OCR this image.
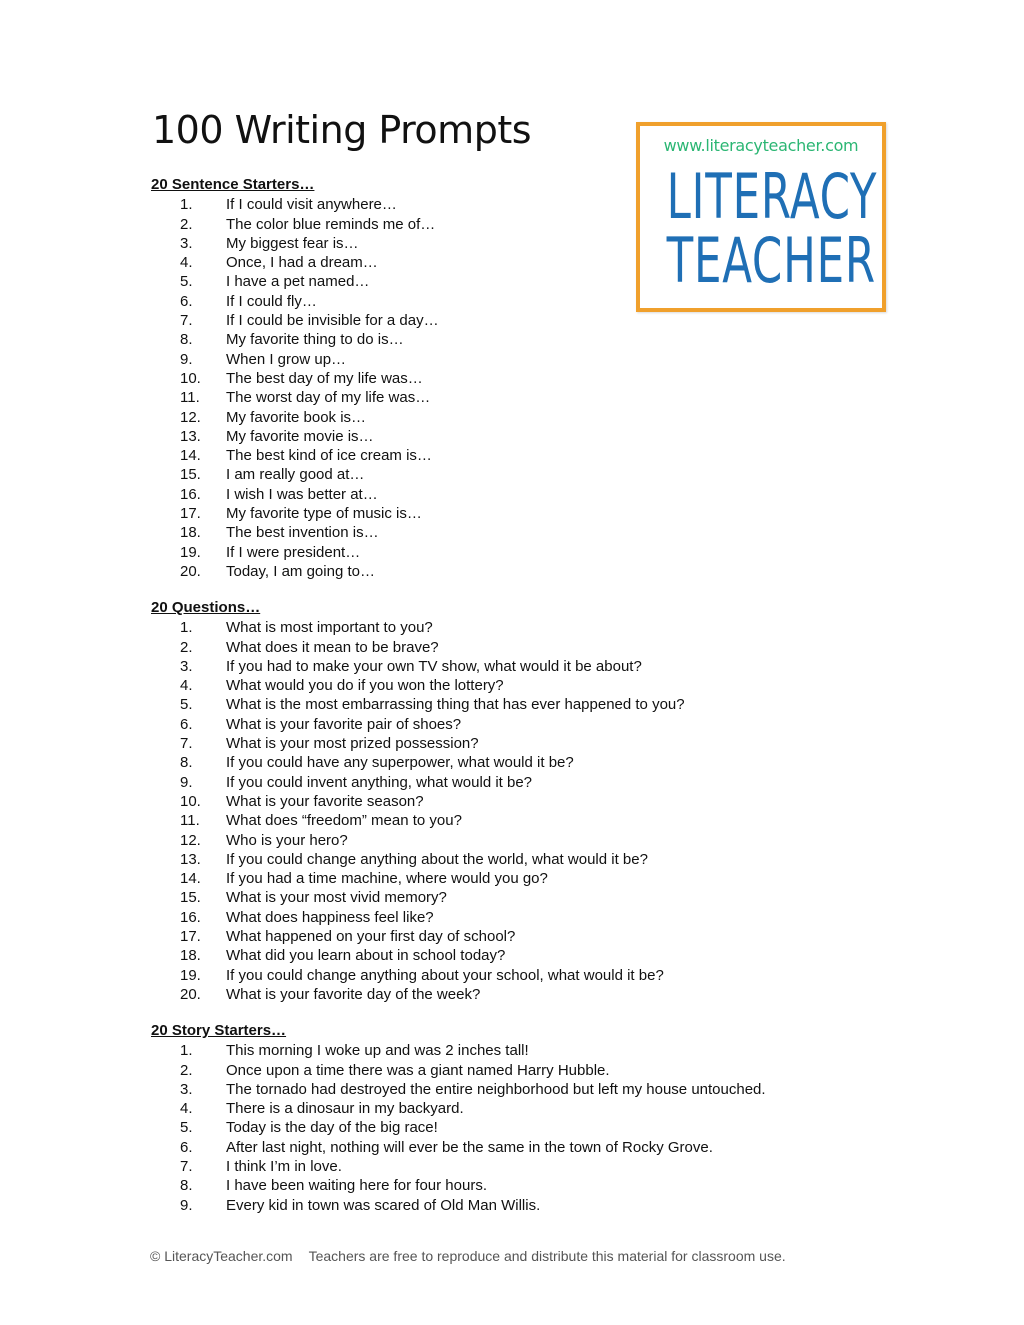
100 Writing Prompts	www.literacyteacher.com
LITERACY
TEACHER
20 Sentence Starters…
1. If I could visit anywhere…
2. The color blue reminds me of…
3. My biggest fear is…
4. Once, I had a dream…
5. I have a pet named…
6. If I could fly…
7. If I could be invisible for a day…
8. My favorite thing to do is…
9. When I grow up…
10. The best day of my life was…
11. The worst day of my life was…
12. My favorite book is…
13. My favorite movie is…
14. The best kind of ice cream is…
15. I am really good at…
16. I wish I was better at…
17. My favorite type of music is…
18. The best invention is…
19. If I were president…
20. Today, I am going to…
20 Questions…
1. What is most important to you?
2. What does it mean to be brave?
3. If you had to make your own TV show, what would it be about?
4. What would you do if you won the lottery?
5. What is the most embarrassing thing that has ever happened to you?
6. What is your favorite pair of shoes?
7. What is your most prized possession?
8. If you could have any superpower, what would it be?
9. If you could invent anything, what would it be?
10. What is your favorite season?
11. What does “freedom” mean to you?
12. Who is your hero?
13. If you could change anything about the world, what would it be?
14. If you had a time machine, where would you go?
15. What is your most vivid memory?
16. What does happiness feel like?
17. What happened on your first day of school?
18. What did you learn about in school today?
19. If you could change anything about your school, what would it be?
20. What is your favorite day of the week?
20 Story Starters…
1. This morning I woke up and was 2 inches tall!
2. Once upon a time there was a giant named Harry Hubble.
3. The tornado had destroyed the entire neighborhood but left my house untouched.
4. There is a dinosaur in my backyard.
5. Today is the day of the big race!
6. After last night, nothing will ever be the same in the town of Rocky Grove.
7. I think I’m in love.
8. I have been waiting here for four hours.
9. Every kid in town was scared of Old Man Willis.
© LiteracyTeacher.com Teachers are free to reproduce and distribute this material for classroom use.
